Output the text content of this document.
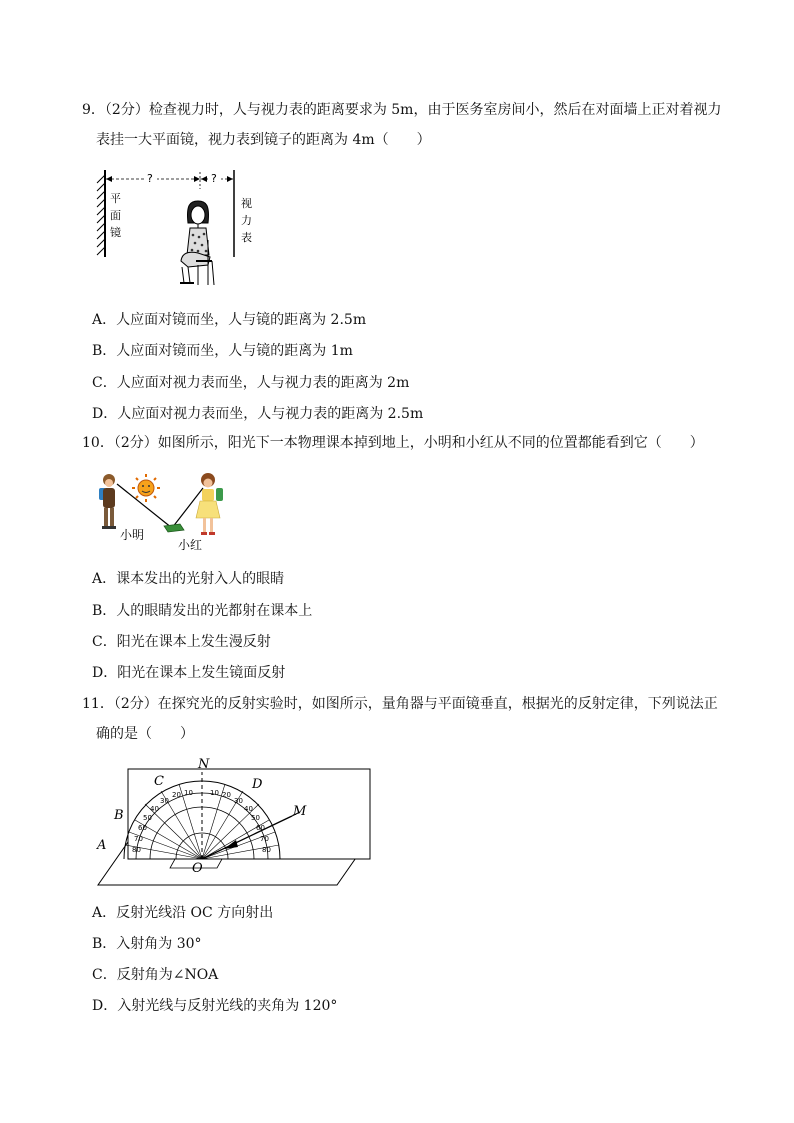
9．（2分）检查视力时，人与视力表的距离要求为 5m，由于医务室房间小，然后在对面墙上正对着视力
表挂一大平面镜，视力表到镜子的距离为 4m（　　）
平
面
镜
?	?
视
力
表
A．人应面对镜而坐，人与镜的距离为 2.5m
B．人应面对镜而坐，人与镜的距离为 1m
C．人应面对视力表而坐，人与视力表的距离为 2m
D．人应面对视力表而坐，人与视力表的距离为 2.5m
10．（2分）如图所示，阳光下一本物理课本掉到地上，小明和小红从不同的位置都能看到它（　　）
小明
小红
A．课本发出的光射入人的眼睛
B．人的眼睛发出的光都射在课本上
C．阳光在课本上发生漫反射
D．阳光在课本上发生镜面反射
11．（2分）在探究光的反射实验时，如图所示，量角器与平面镜垂直，根据光的反射定律，下列说法正
确的是（　　）
10
20
30
40
50
60
70
80
10 20
30
40
50
60
70
80
N
C	D
B	M
A
O
A．反射光线沿 OC 方向射出
B．入射角为 30°
C．反射角为∠NOA
D．入射光线与反射光线的夹角为 120°
